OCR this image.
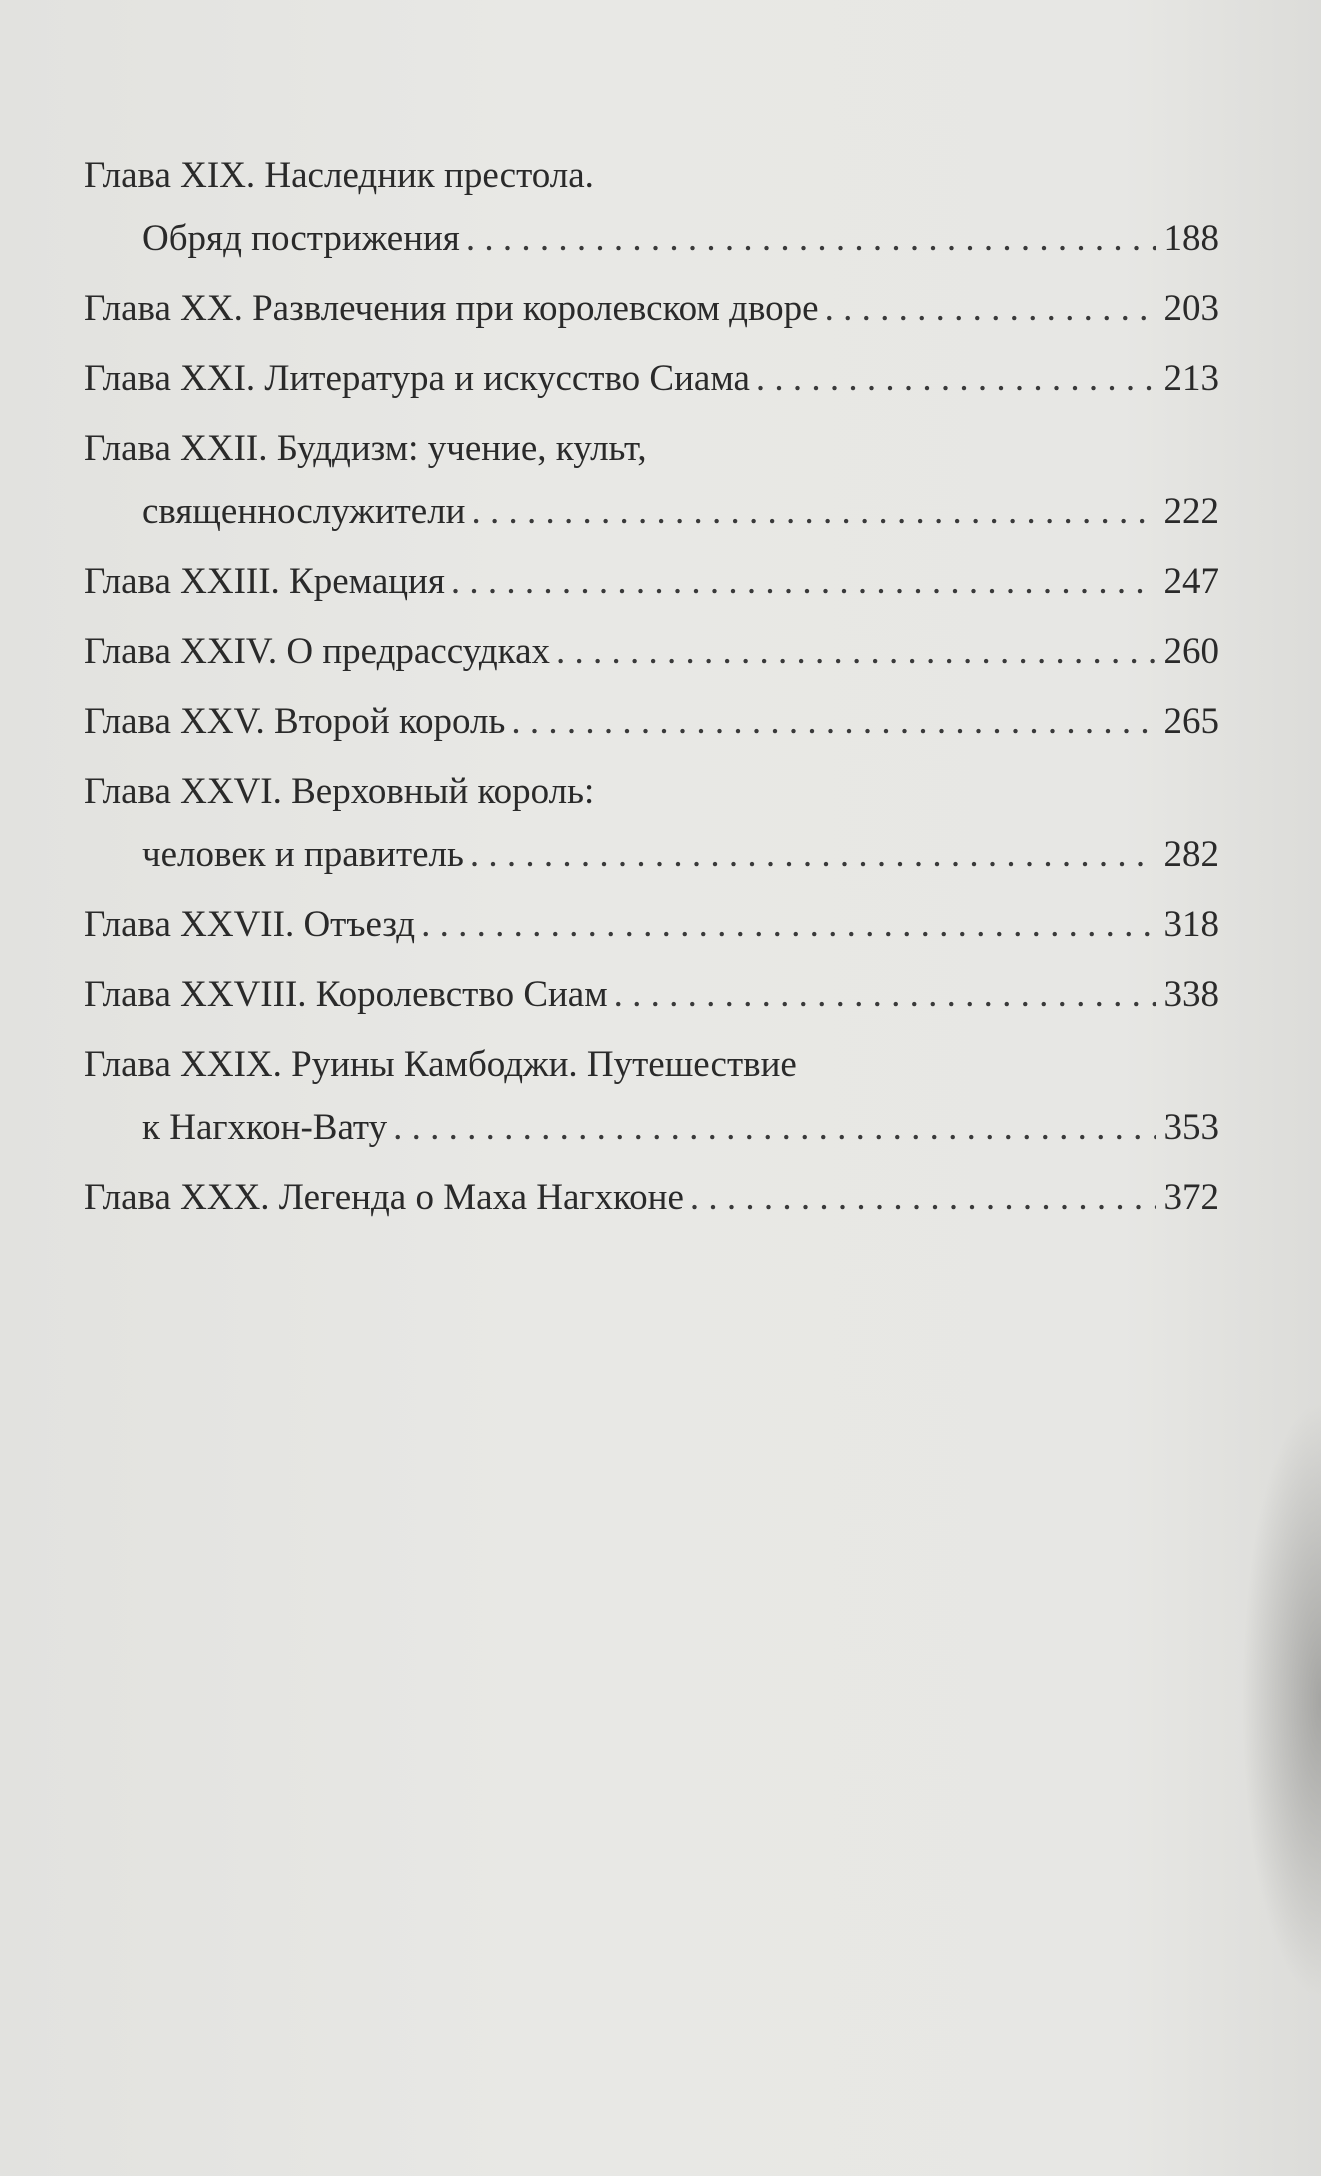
Глава XIX. Наследник престола.
Обряд пострижения . . .	188
Глава XX. Развлечения при королевском дворе . . .	203
Глава XXI. Литература и искусство Сиама . . .	213
Глава XXII. Буддизм: учение, культ,
священнослужители . . .	222
Глава XXIII. Кремация . . .	247
Глава XXIV. О предрассудках . . .	260
Глава XXV. Второй король . . .	265
Глава XXVI. Верховный король:
человек и правитель . . .	282
Глава XXVII. Отъезд . . .	318
Глава XXVIII. Королевство Сиам . . .	338
Глава XXIX. Руины Камбоджи. Путешествие
к Нагхкон-Вату . . .	353
Глава XXX. Легенда о Маха Нагхконе . . .	372
